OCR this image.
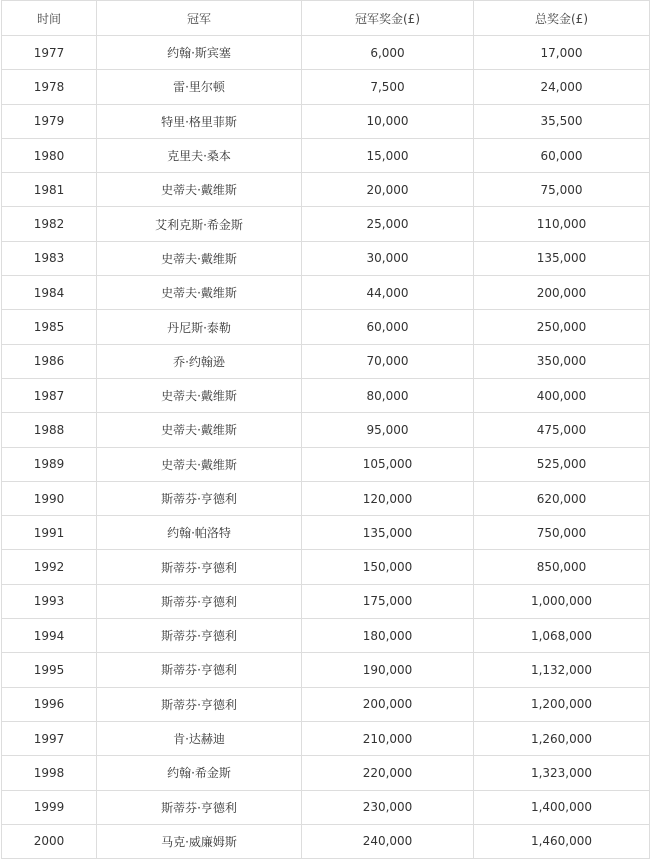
时间	冠军	冠军奖金(£)	总奖金(£)
1977	约翰·斯宾塞	6,000	17,000
1978	雷·里尔顿	7,500	24,000
1979	特里·格里菲斯	10,000	35,500
1980	克里夫·桑本	15,000	60,000
1981	史蒂夫·戴维斯	20,000	75,000
1982	艾利克斯·希金斯	25,000	110,000
1983	史蒂夫·戴维斯	30,000	135,000
1984	史蒂夫·戴维斯	44,000	200,000
1985	丹尼斯·泰勒	60,000	250,000
1986	乔·约翰逊	70,000	350,000
1987	史蒂夫·戴维斯	80,000	400,000
1988	史蒂夫·戴维斯	95,000	475,000
1989	史蒂夫·戴维斯	105,000	525,000
1990	斯蒂芬·亨德利	120,000	620,000
1991	约翰·帕洛特	135,000	750,000
1992	斯蒂芬·亨德利	150,000	850,000
1993	斯蒂芬·亨德利	175,000	1,000,000
1994	斯蒂芬·亨德利	180,000	1,068,000
1995	斯蒂芬·亨德利	190,000	1,132,000
1996	斯蒂芬·亨德利	200,000	1,200,000
1997	肯·达赫迪	210,000	1,260,000
1998	约翰·希金斯	220,000	1,323,000
1999	斯蒂芬·亨德利	230,000	1,400,000
2000	马克·威廉姆斯	240,000	1,460,000
